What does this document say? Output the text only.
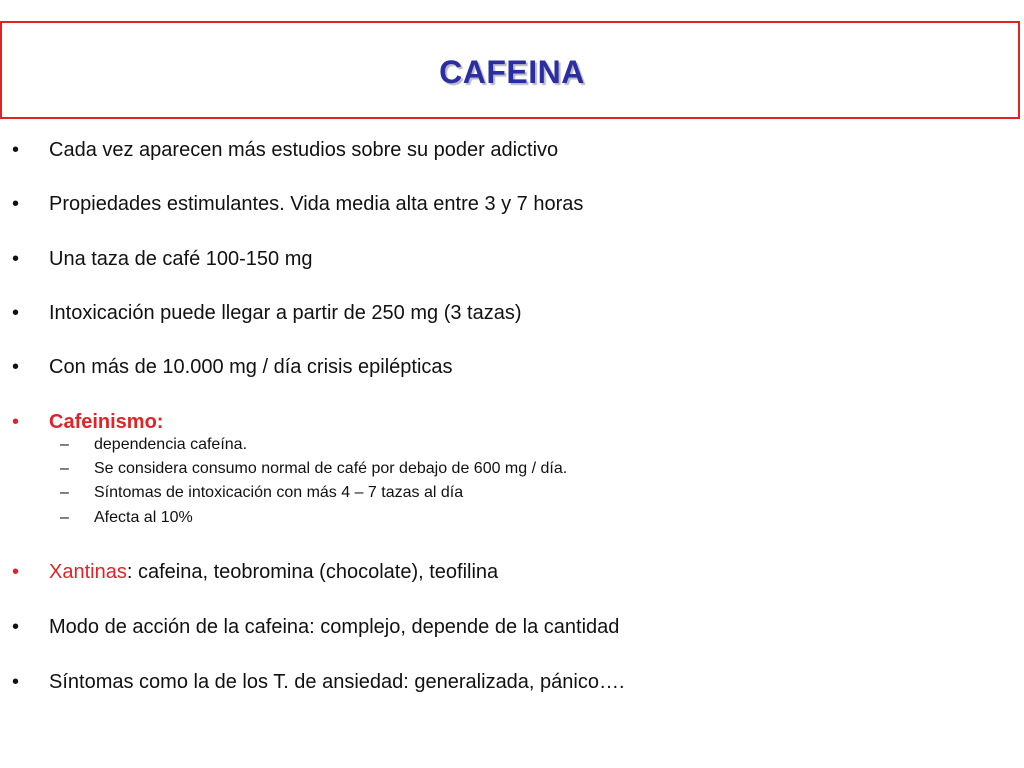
CAFEINA
•	Cada vez aparecen más estudios sobre su poder adictivo
•	Propiedades estimulantes. Vida media alta entre 3 y 7 horas
•	Una taza de café 100-150 mg
•	Intoxicación puede llegar a partir de 250 mg (3 tazas)
•	Con más de 10.000 mg / día crisis epilépticas
•	Cafeinismo:
– dependencia cafeína.
– Se considera consumo normal de café por debajo de 600 mg / día.
– Síntomas de intoxicación con más 4 – 7 tazas al día
– Afecta al 10%
•	Xantinas: cafeina, teobromina (chocolate), teofilina
•	Modo de acción de la cafeina: complejo, depende de la cantidad
•	Síntomas como la de los T. de ansiedad: generalizada, pánico….
